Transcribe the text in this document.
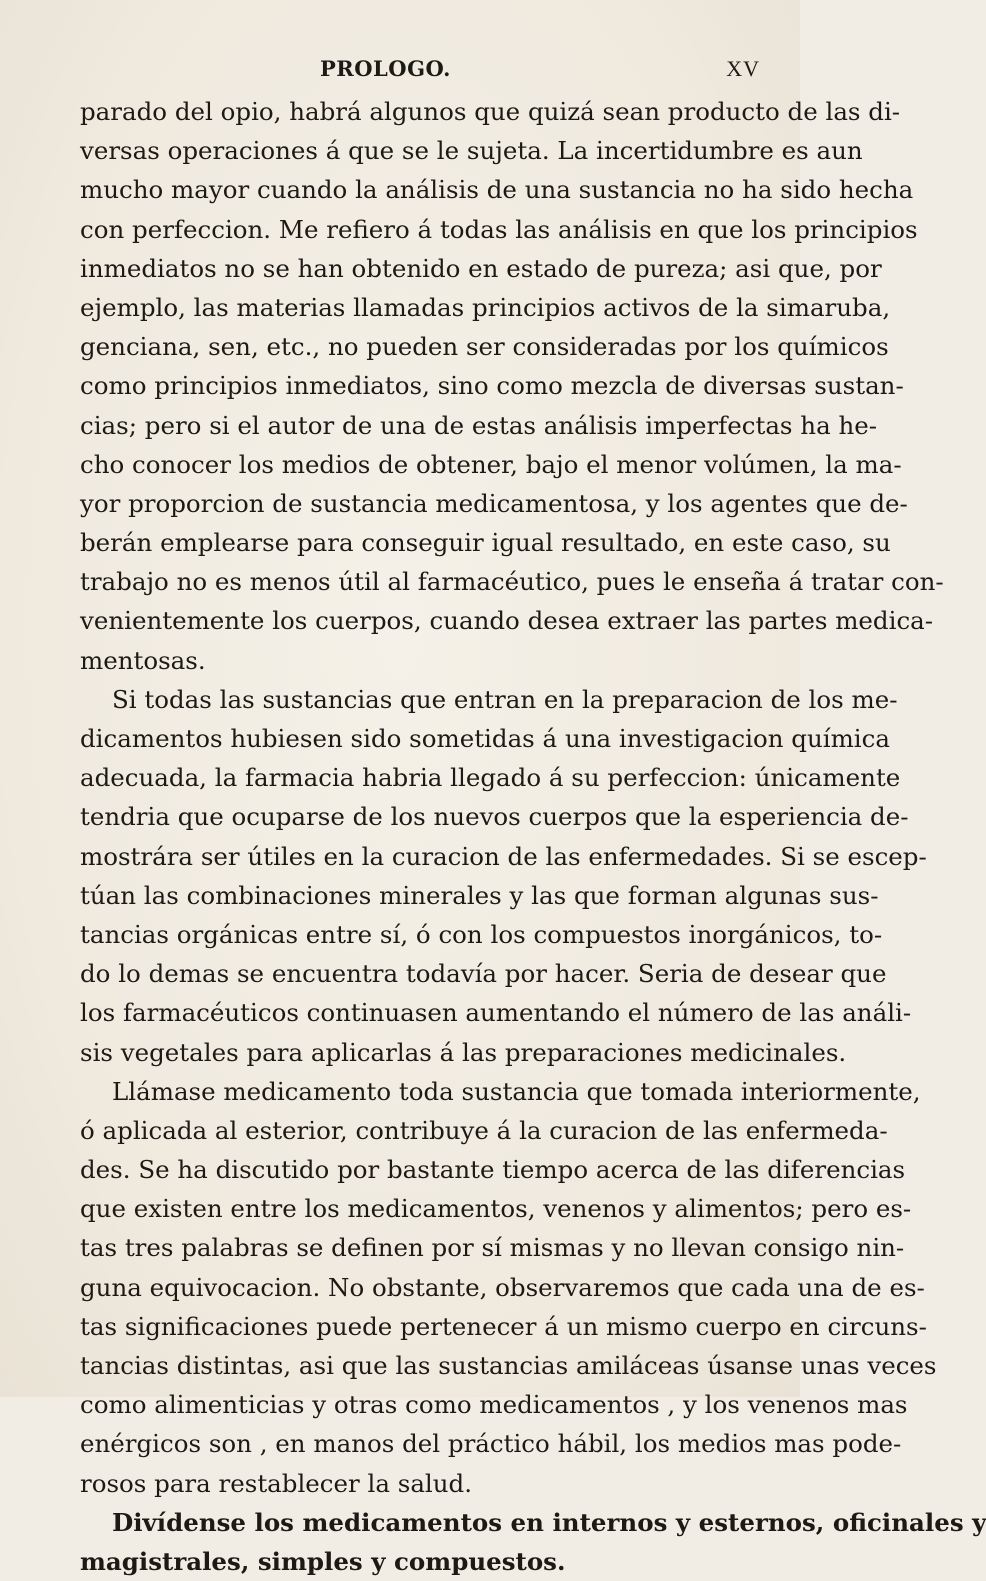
PROLOGO.	XV
parado del opio, habrá algunos que quizá sean producto de las di-
versas operaciones á que se le sujeta. La incertidumbre es aun
mucho mayor cuando la análisis de una sustancia no ha sido hecha
con perfeccion. Me refiero á todas las análisis en que los principios
inmediatos no se han obtenido en estado de pureza; asi que, por
ejemplo, las materias llamadas principios activos de la simaruba,
genciana, sen, etc., no pueden ser consideradas por los químicos
como principios inmediatos, sino como mezcla de diversas sustan-
cias; pero si el autor de una de estas análisis imperfectas ha he-
cho conocer los medios de obtener, bajo el menor volúmen, la ma-
yor proporcion de sustancia medicamentosa, y los agentes que de-
berán emplearse para conseguir igual resultado, en este caso, su
trabajo no es menos útil al farmacéutico, pues le enseña á tratar con-
venientemente los cuerpos, cuando desea extraer las partes medica-
mentosas.
Si todas las sustancias que entran en la preparacion de los me-
dicamentos hubiesen sido sometidas á una investigacion química
adecuada, la farmacia habria llegado á su perfeccion: únicamente
tendria que ocuparse de los nuevos cuerpos que la esperiencia de-
mostrára ser útiles en la curacion de las enfermedades. Si se escep-
túan las combinaciones minerales y las que forman algunas sus-
tancias orgánicas entre sí, ó con los compuestos inorgánicos, to-
do lo demas se encuentra todavía por hacer. Seria de desear que
los farmacéuticos continuasen aumentando el número de las análi-
sis vegetales para aplicarlas á las preparaciones medicinales.
Llámase medicamento toda sustancia que tomada interiormente,
ó aplicada al esterior, contribuye á la curacion de las enfermeda-
des. Se ha discutido por bastante tiempo acerca de las diferencias
que existen entre los medicamentos, venenos y alimentos; pero es-
tas tres palabras se definen por sí mismas y no llevan consigo nin-
guna equivocacion. No obstante, observaremos que cada una de es-
tas significaciones puede pertenecer á un mismo cuerpo en circuns-
tancias distintas, asi que las sustancias amiláceas úsanse unas veces
como alimenticias y otras como medicamentos , y los venenos mas
enérgicos son , en manos del práctico hábil, los medios mas pode-
rosos para restablecer la salud.
Divídense los medicamentos en internos y esternos, oficinales y
magistrales, simples y compuestos.
